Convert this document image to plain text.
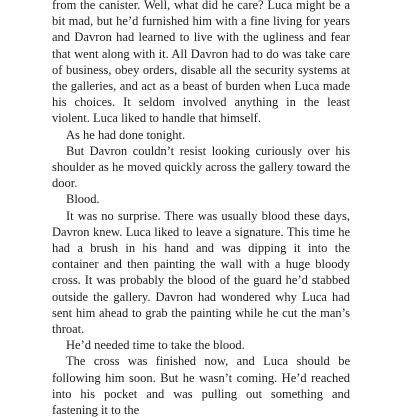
from the canister. Well, what did he care? Luca might be a bit mad, but he’d furnished him with a fine living for years and Davron had learned to live with the ugliness and fear that went along with it. All Davron had to do was take care of business, obey orders, disable all the security systems at the galleries, and act as a beast of burden when Luca made his choices. It seldom involved anything in the least violent. Luca liked to handle that himself.

As he had done tonight.

But Davron couldn’t resist looking curiously over his shoulder as he moved quickly across the gallery toward the door.

Blood.

It was no surprise. There was usually blood these days, Davron knew. Luca liked to leave a signature. This time he had a brush in his hand and was dipping it into the container and then painting the wall with a huge bloody cross. It was probably the blood of the guard he’d stabbed outside the gallery. Davron had wondered why Luca had sent him ahead to grab the painting while he cut the man’s throat.

He’d needed time to take the blood.

The cross was finished now, and Luca should be following him soon. But he wasn’t coming. He’d reached into his pocket and was pulling out something and fastening it to the
